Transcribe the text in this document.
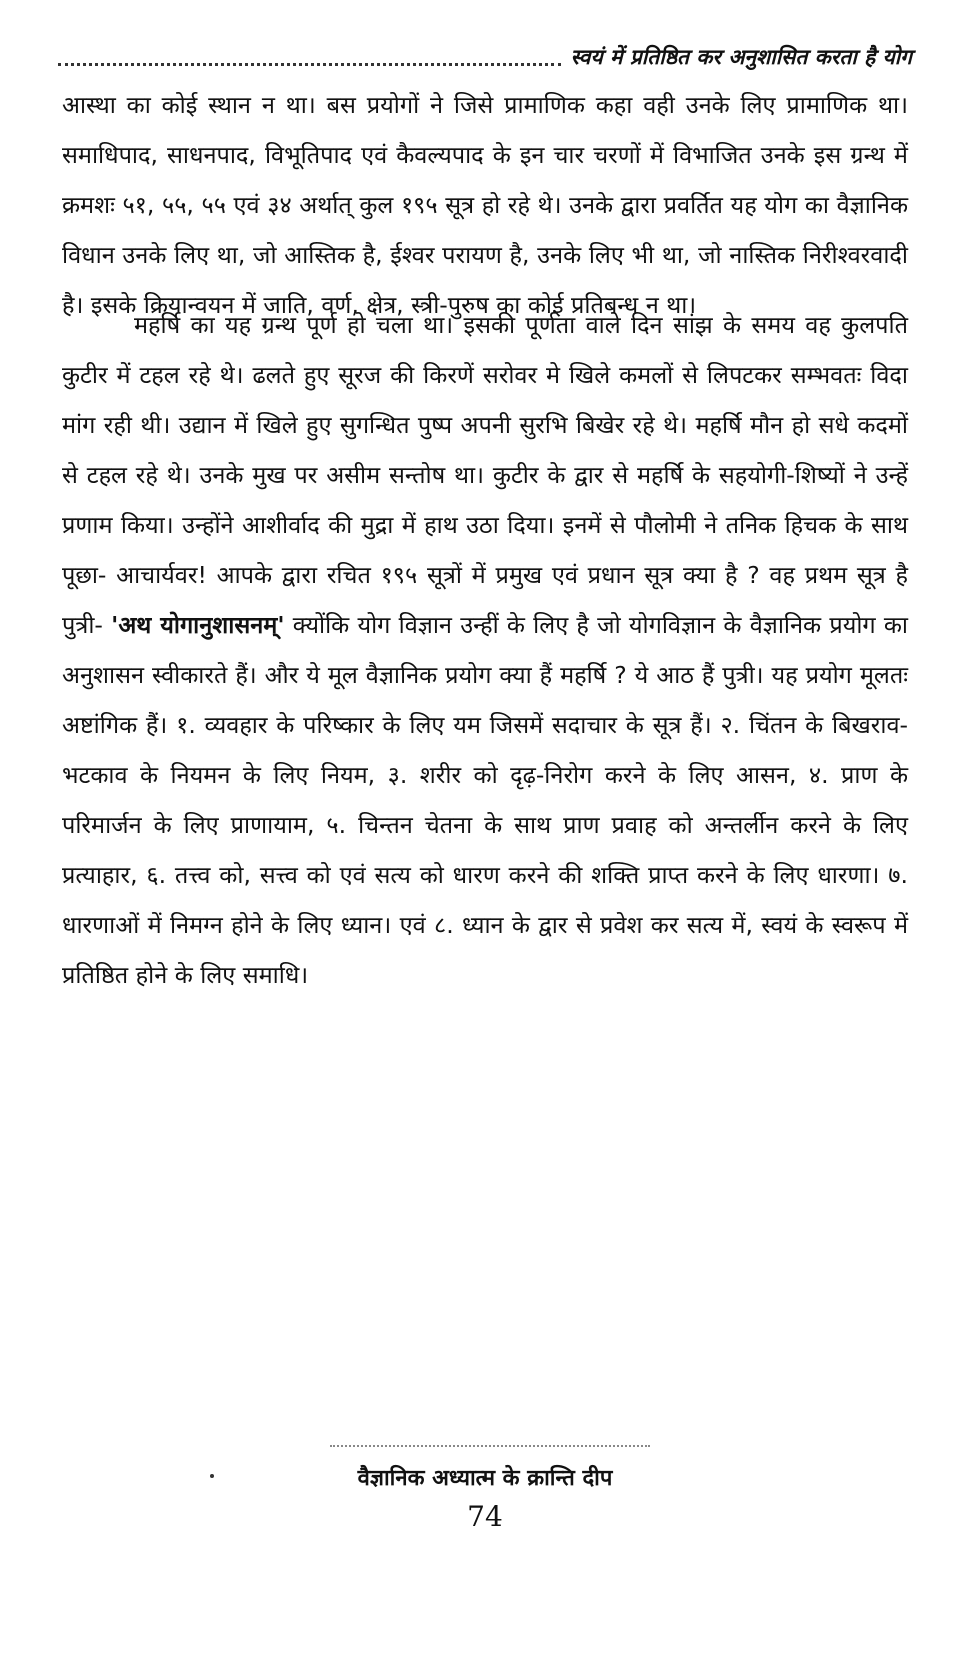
स्वयं में प्रतिष्ठित कर अनुशासित करता है योग

आस्था का कोई स्थान न था। बस प्रयोगों ने जिसे प्रामाणिक कहा वही उनके लिए प्रामाणिक था। समाधिपाद, साधनपाद, विभूतिपाद एवं कैवल्यपाद के इन चार चरणों में विभाजित उनके इस ग्रन्थ में क्रमशः ५१, ५५, ५५ एवं ३४ अर्थात् कुल १९५ सूत्र हो रहे थे। उनके द्वारा प्रवर्तित यह योग का वैज्ञानिक विधान उनके लिए था, जो आस्तिक है, ईश्वर परायण है, उनके लिए भी था, जो नास्तिक निरीश्वरवादी है। इसके क्रियान्वयन में जाति, वर्ण, क्षेत्र, स्त्री-पुरुष का कोई प्रतिबन्ध न था।

महर्षि का यह ग्रन्थ पूर्ण हो चला था। इसकी पूर्णता वाले दिन सांझ के समय वह कुलपति कुटीर में टहल रहे थे। ढलते हुए सूरज की किरणें सरोवर मे खिले कमलों से लिपटकर सम्भवतः विदा मांग रही थी। उद्यान में खिले हुए सुगन्धित पुष्प अपनी सुरभि बिखेर रहे थे। महर्षि मौन हो सधे कदमों से टहल रहे थे। उनके मुख पर असीम सन्तोष था। कुटीर के द्वार से महर्षि के सहयोगी-शिष्यों ने उन्हें प्रणाम किया। उन्होंने आशीर्वाद की मुद्रा में हाथ उठा दिया। इनमें से पौलोमी ने तनिक हिचक के साथ पूछा- आचार्यवर! आपके द्वारा रचित १९५ सूत्रों में प्रमुख एवं प्रधान सूत्र क्या है ? वह प्रथम सूत्र है पुत्री- 'अथ योगानुशासनम्' क्योंकि योग विज्ञान उन्हीं के लिए है जो योगविज्ञान के वैज्ञानिक प्रयोग का अनुशासन स्वीकारते हैं। और ये मूल वैज्ञानिक प्रयोग क्या हैं महर्षि ? ये आठ हैं पुत्री। यह प्रयोग मूलतः अष्टांगिक हैं। १. व्यवहार के परिष्कार के लिए यम जिसमें सदाचार के सूत्र हैं। २. चिंतन के बिखराव-भटकाव के नियमन के लिए नियम, ३. शरीर को दृढ़-निरोग करने के लिए आसन, ४. प्राण के परिमार्जन के लिए प्राणायाम, ५. चिन्तन चेतना के साथ प्राण प्रवाह को अन्तर्लीन करने के लिए प्रत्याहार, ६. तत्त्व को, सत्त्व को एवं सत्य को धारण करने की शक्ति प्राप्त करने के लिए धारणा। ७. धारणाओं में निमग्न होने के लिए ध्यान। एवं ८. ध्यान के द्वार से प्रवेश कर सत्य में, स्वयं के स्वरूप में प्रतिष्ठित होने के लिए समाधि।

वैज्ञानिक अध्यात्म के क्रान्ति दीप
74
